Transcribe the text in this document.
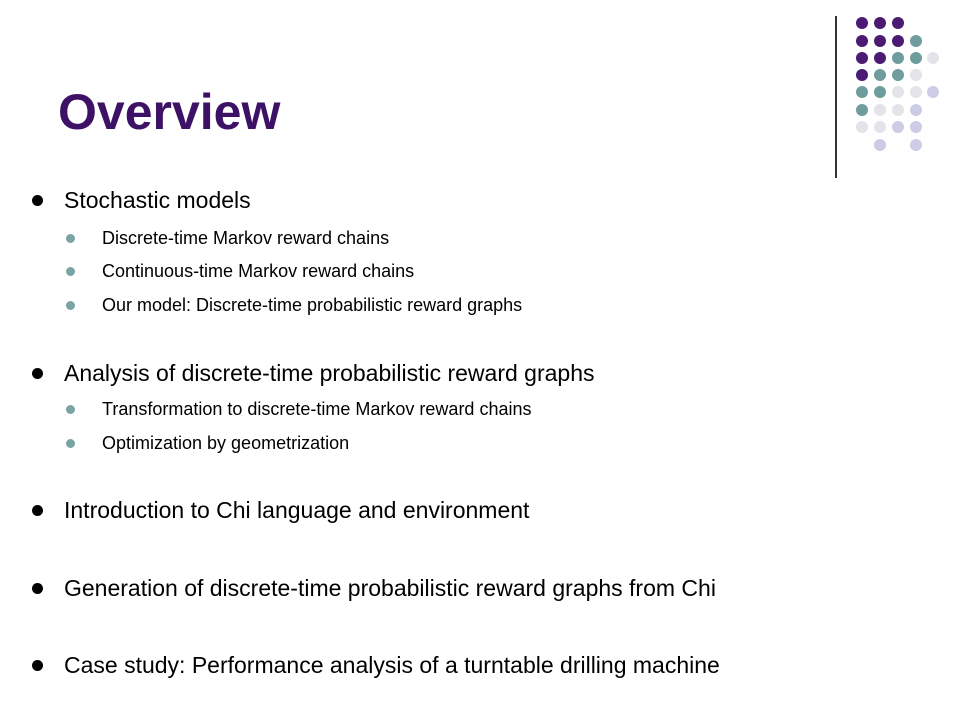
Overview
Stochastic models
Discrete-time Markov reward chains
Continuous-time Markov reward chains
Our model: Discrete-time probabilistic reward graphs
Analysis of discrete-time probabilistic reward graphs
Transformation to discrete-time Markov reward chains
Optimization by geometrization
Introduction to Chi language and environment
Generation of discrete-time probabilistic reward graphs from Chi
Case study: Performance analysis of a turntable drilling machine
